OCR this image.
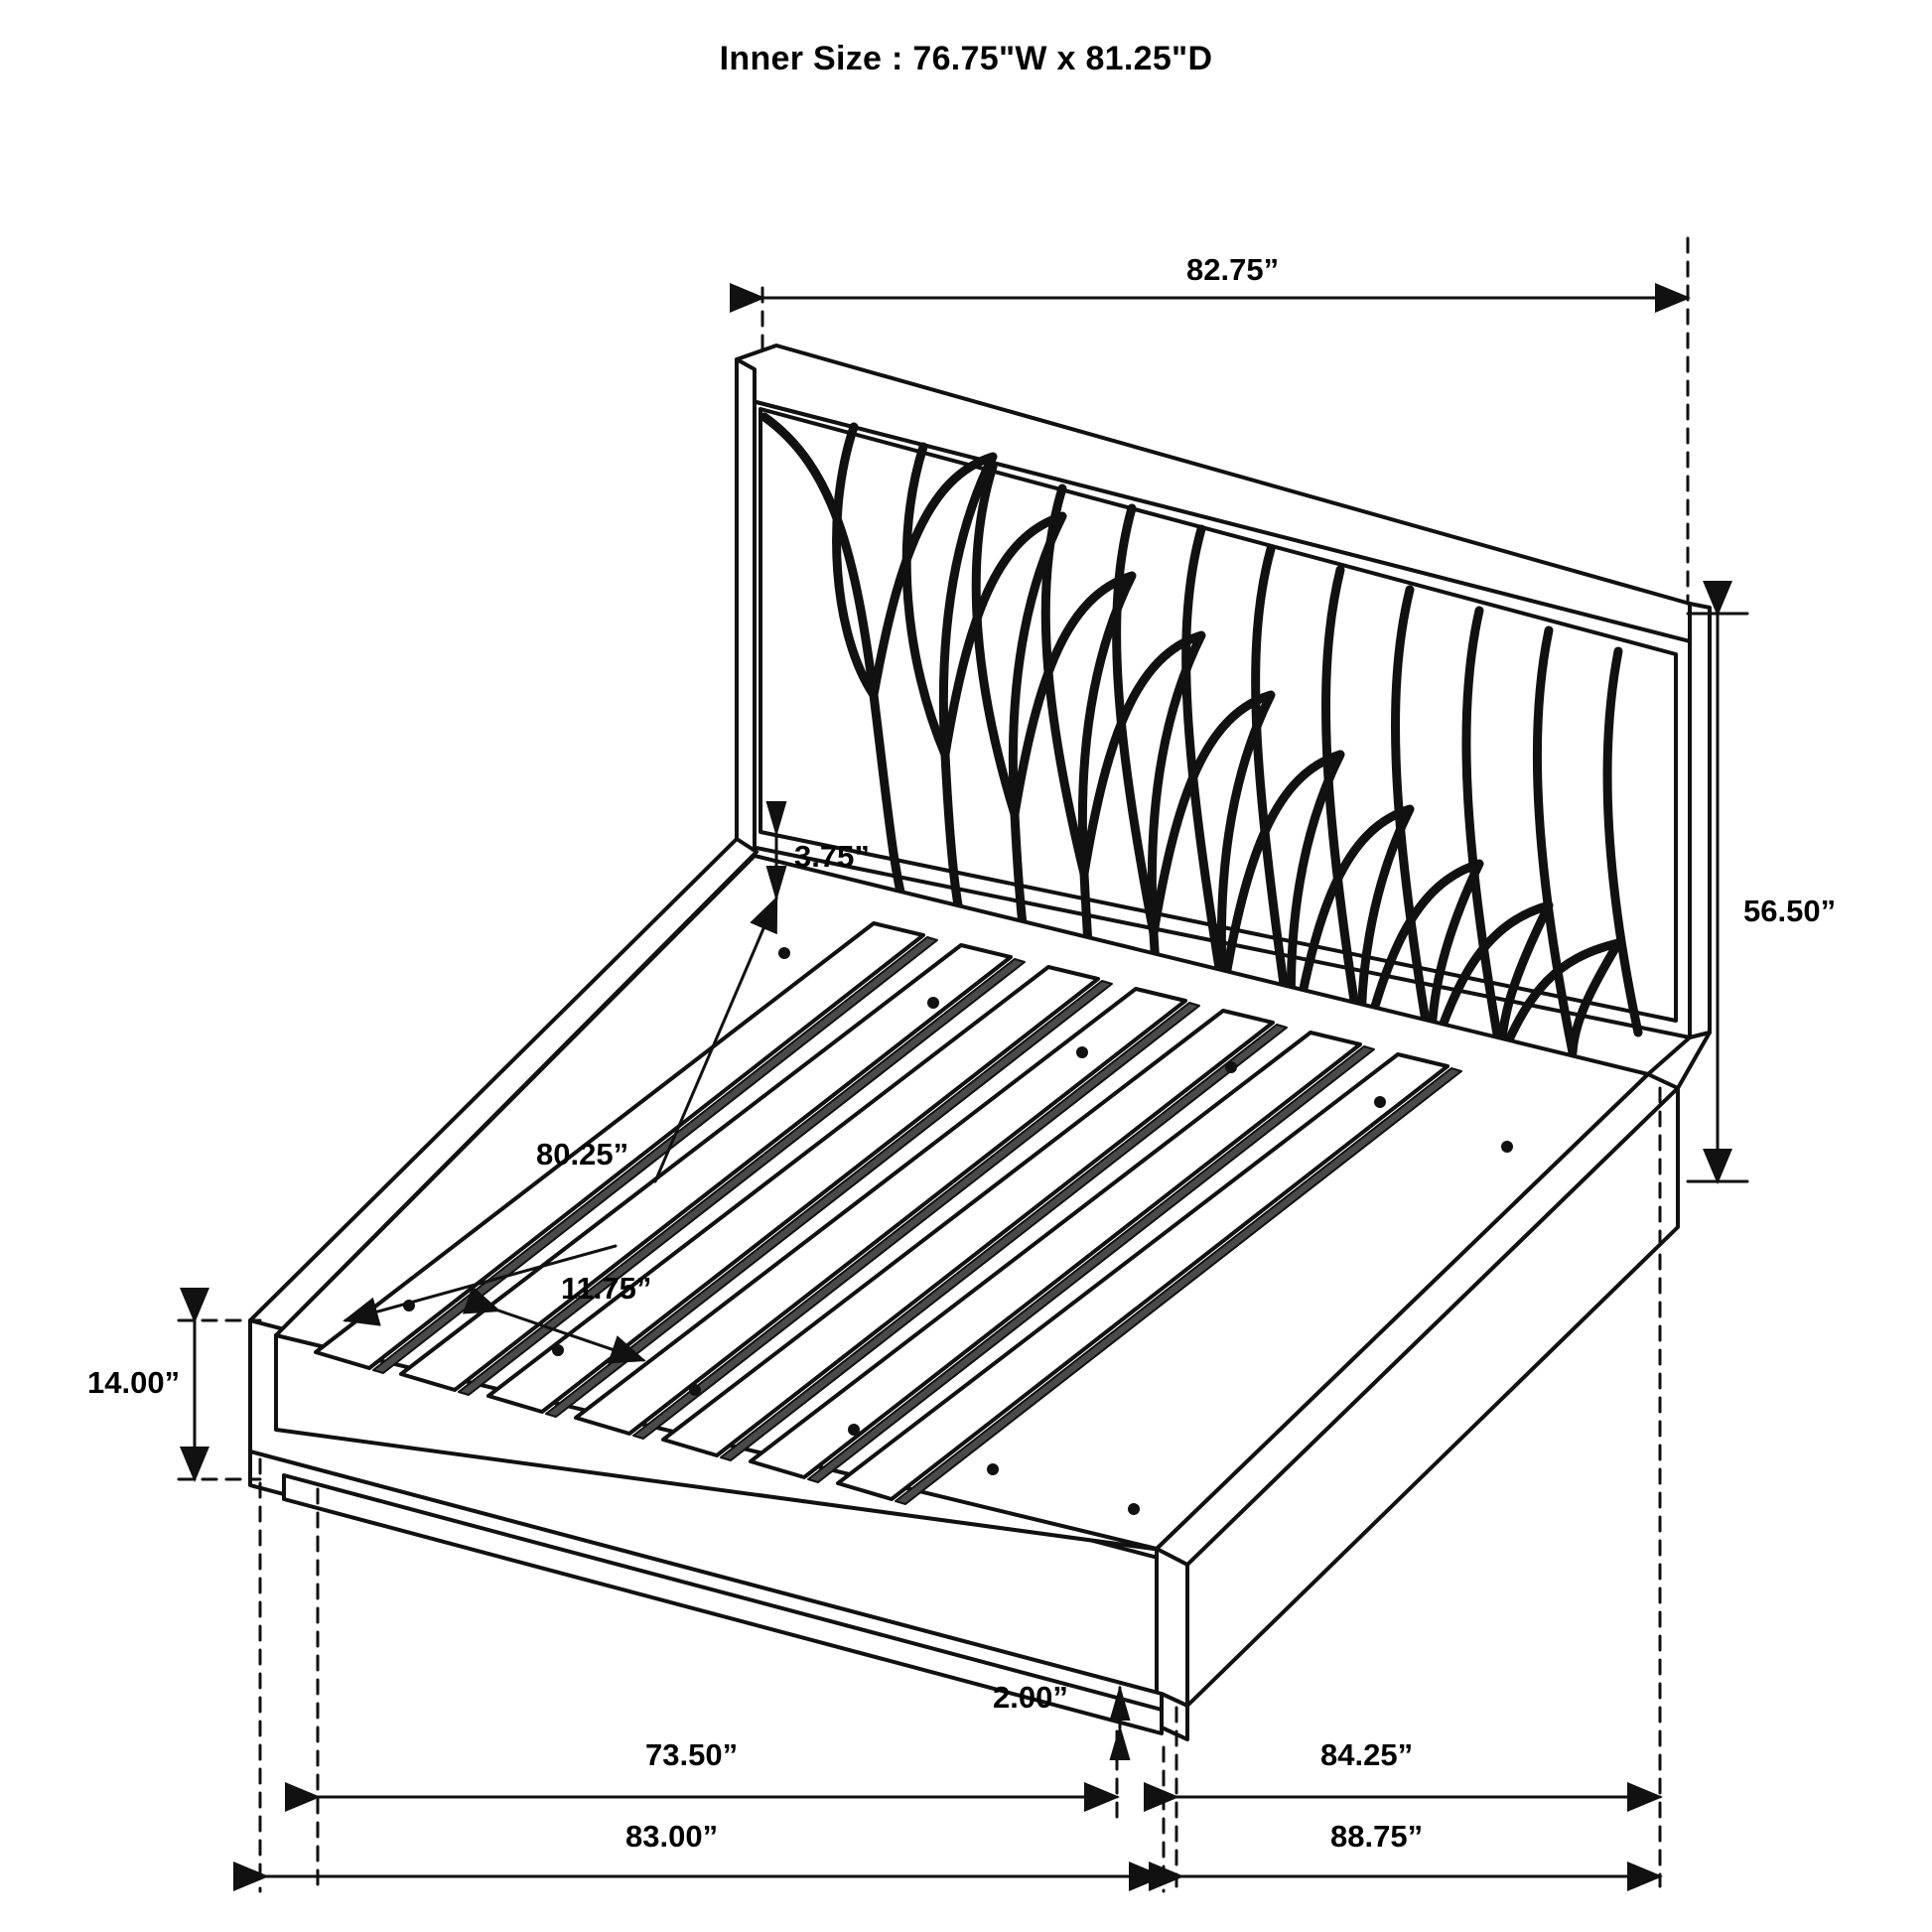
Inner Size : 76.75"W x 81.25"D
82.75”
56.50”
3.75”
80.25”
11.75”
14.00”
2.00”
73.50”	84.25”
83.00”	88.75”
